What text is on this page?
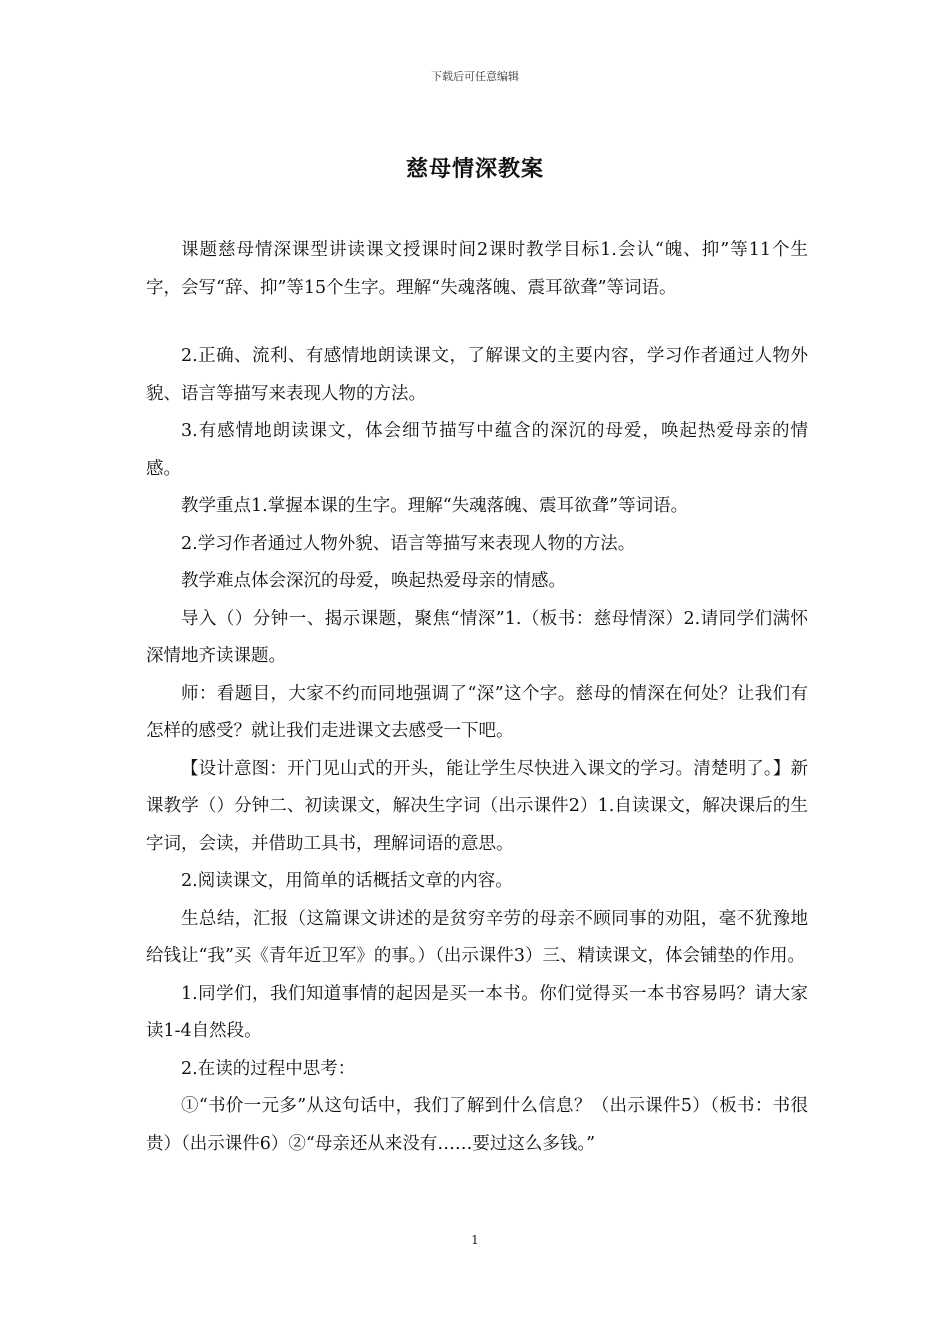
下载后可任意编辑
慈母情深教案

课题慈母情深课型讲读课文授课时间2课时教学目标1.会认“魄、抑”等11个生字，会写“辞、抑”等15个生字。理解“失魂落魄、震耳欲聋”等词语。

2.正确、流利、有感情地朗读课文，了解课文的主要内容，学习作者通过人物外貌、语言等描写来表现人物的方法。

3.有感情地朗读课文，体会细节描写中蕴含的深沉的母爱，唤起热爱母亲的情感。

教学重点1.掌握本课的生字。理解“失魂落魄、震耳欲聋”等词语。

2.学习作者通过人物外貌、语言等描写来表现人物的方法。

教学难点体会深沉的母爱，唤起热爱母亲的情感。

导入（）分钟一、揭示课题，聚焦“情深”1.（板书：慈母情深）2.请同学们满怀深情地齐读课题。

师：看题目，大家不约而同地强调了“深”这个字。慈母的情深在何处？让我们有怎样的感受？就让我们走进课文去感受一下吧。

【设计意图：开门见山式的开头，能让学生尽快进入课文的学习。清楚明了。】新课教学（）分钟二、初读课文，解决生字词（出示课件2）1.自读课文，解决课后的生字词，会读，并借助工具书，理解词语的意思。

2.阅读课文，用简单的话概括文章的内容。

生总结，汇报（这篇课文讲述的是贫穷辛劳的母亲不顾同事的劝阻，毫不犹豫地给钱让“我”买《青年近卫军》的事。）（出示课件3）三、精读课文，体会铺垫的作用。

1.同学们，我们知道事情的起因是买一本书。你们觉得买一本书容易吗？请大家读1-4自然段。

2.在读的过程中思考：

①“书价一元多”从这句话中，我们了解到什么信息？（出示课件5）（板书：书很贵）（出示课件6）②“母亲还从来没有……要过这么多钱。”

1
